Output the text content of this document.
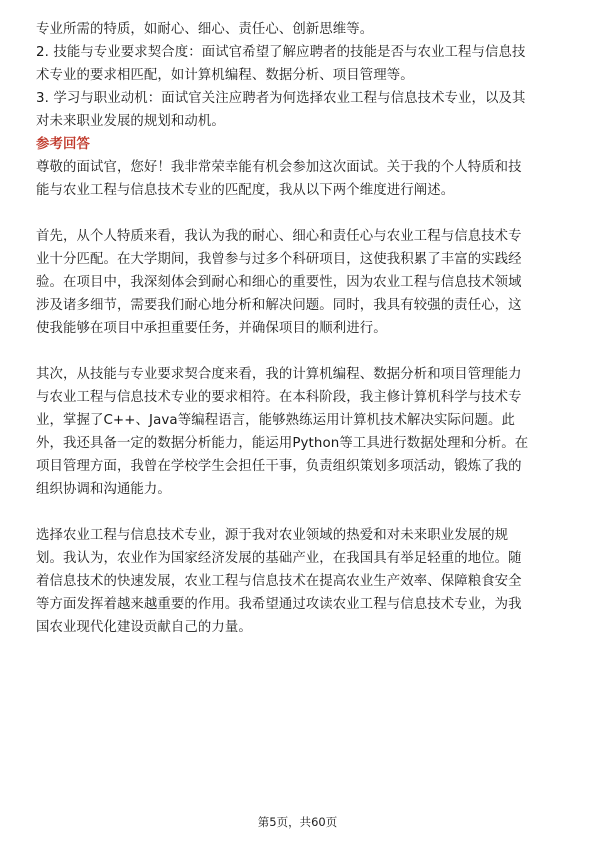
专业所需的特质，如耐心、细心、责任心、创新思维等。
2. 技能与专业要求契合度：面试官希望了解应聘者的技能是否与农业工程与信息技
术专业的要求相匹配，如计算机编程、数据分析、项目管理等。
3. 学习与职业动机：面试官关注应聘者为何选择农业工程与信息技术专业，以及其
对未来职业发展的规划和动机。
参考回答
尊敬的面试官，您好！我非常荣幸能有机会参加这次面试。关于我的个人特质和技
能与农业工程与信息技术专业的匹配度，我从以下两个维度进行阐述。
首先，从个人特质来看，我认为我的耐心、细心和责任心与农业工程与信息技术专
业十分匹配。在大学期间，我曾参与过多个科研项目，这使我积累了丰富的实践经
验。在项目中，我深刻体会到耐心和细心的重要性，因为农业工程与信息技术领域
涉及诸多细节，需要我们耐心地分析和解决问题。同时，我具有较强的责任心，这
使我能够在项目中承担重要任务，并确保项目的顺利进行。
其次，从技能与专业要求契合度来看，我的计算机编程、数据分析和项目管理能力
与农业工程与信息技术专业的要求相符。在本科阶段，我主修计算机科学与技术专
业，掌握了C++、Java等编程语言，能够熟练运用计算机技术解决实际问题。此
外，我还具备一定的数据分析能力，能运用Python等工具进行数据处理和分析。在
项目管理方面，我曾在学校学生会担任干事，负责组织策划多项活动，锻炼了我的
组织协调和沟通能力。
选择农业工程与信息技术专业，源于我对农业领域的热爱和对未来职业发展的规
划。我认为，农业作为国家经济发展的基础产业，在我国具有举足轻重的地位。随
着信息技术的快速发展，农业工程与信息技术在提高农业生产效率、保障粮食安全
等方面发挥着越来越重要的作用。我希望通过攻读农业工程与信息技术专业，为我
国农业现代化建设贡献自己的力量。
第5页，共60页
